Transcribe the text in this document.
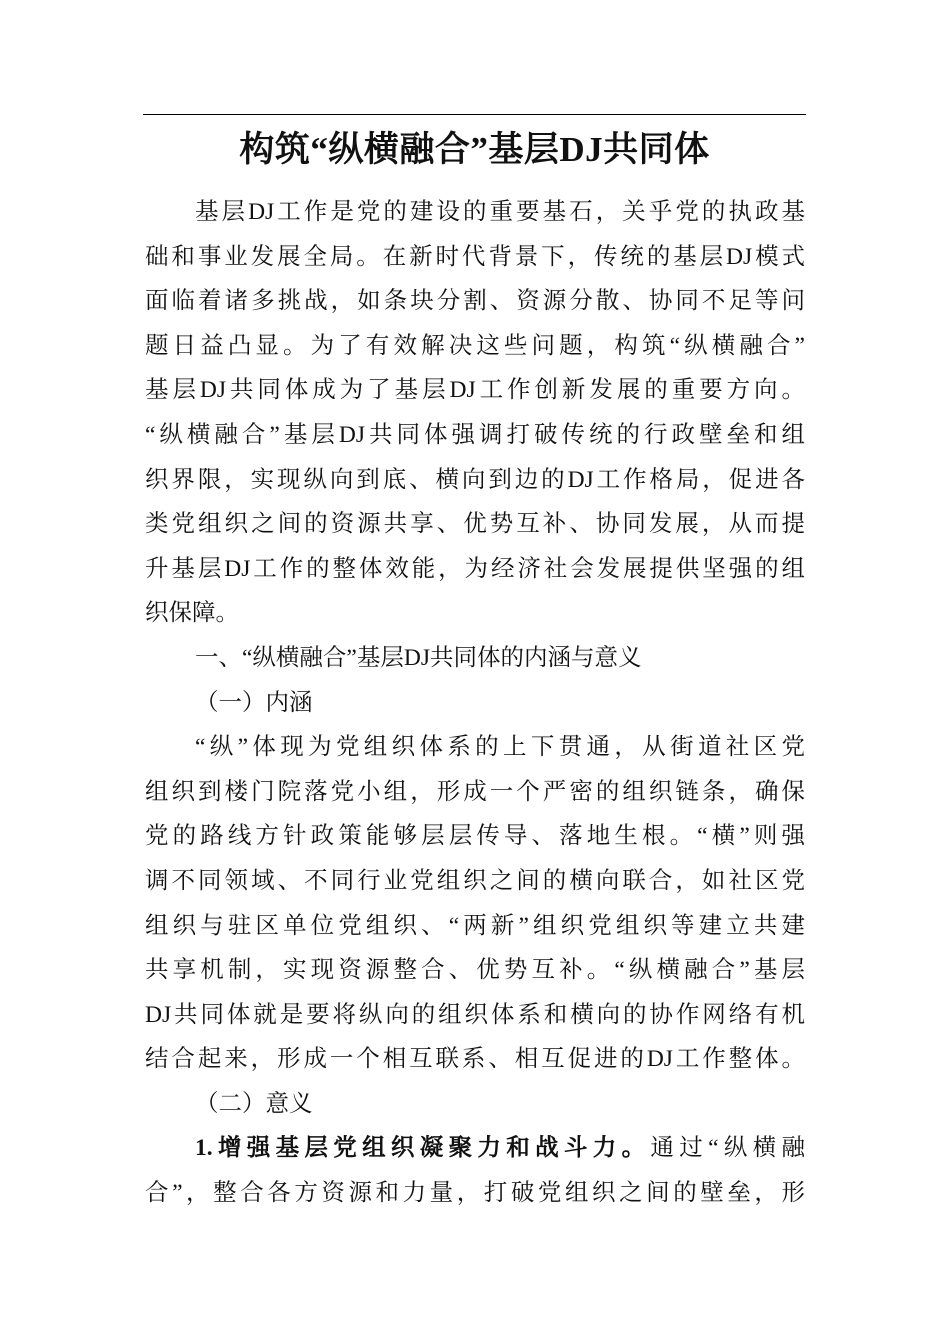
构筑“纵横融合”基层DJ共同体
基层DJ工作是党的建设的重要基石，关乎党的执政基
础和事业发展全局。在新时代背景下，传统的基层DJ模式
面临着诸多挑战，如条块分割、资源分散、协同不足等问
题日益凸显。为了有效解决这些问题，构筑“纵横融合”
基层DJ共同体成为了基层DJ工作创新发展的重要方向。
“纵横融合”基层DJ共同体强调打破传统的行政壁垒和组
织界限，实现纵向到底、横向到边的DJ工作格局，促进各
类党组织之间的资源共享、优势互补、协同发展，从而提
升基层DJ工作的整体效能，为经济社会发展提供坚强的组
织保障。
一、“纵横融合”基层DJ共同体的内涵与意义
（一）内涵
“纵”体现为党组织体系的上下贯通，从街道社区党
组织到楼门院落党小组，形成一个严密的组织链条，确保
党的路线方针政策能够层层传导、落地生根。“横”则强
调不同领域、不同行业党组织之间的横向联合，如社区党
组织与驻区单位党组织、“两新”组织党组织等建立共建
共享机制，实现资源整合、优势互补。“纵横融合”基层
DJ共同体就是要将纵向的组织体系和横向的协作网络有机
结合起来，形成一个相互联系、相互促进的DJ工作整体。
（二）意义
1.增强基层党组织凝聚力和战斗力。通过“纵横融
合”，整合各方资源和力量，打破党组织之间的壁垒，形
